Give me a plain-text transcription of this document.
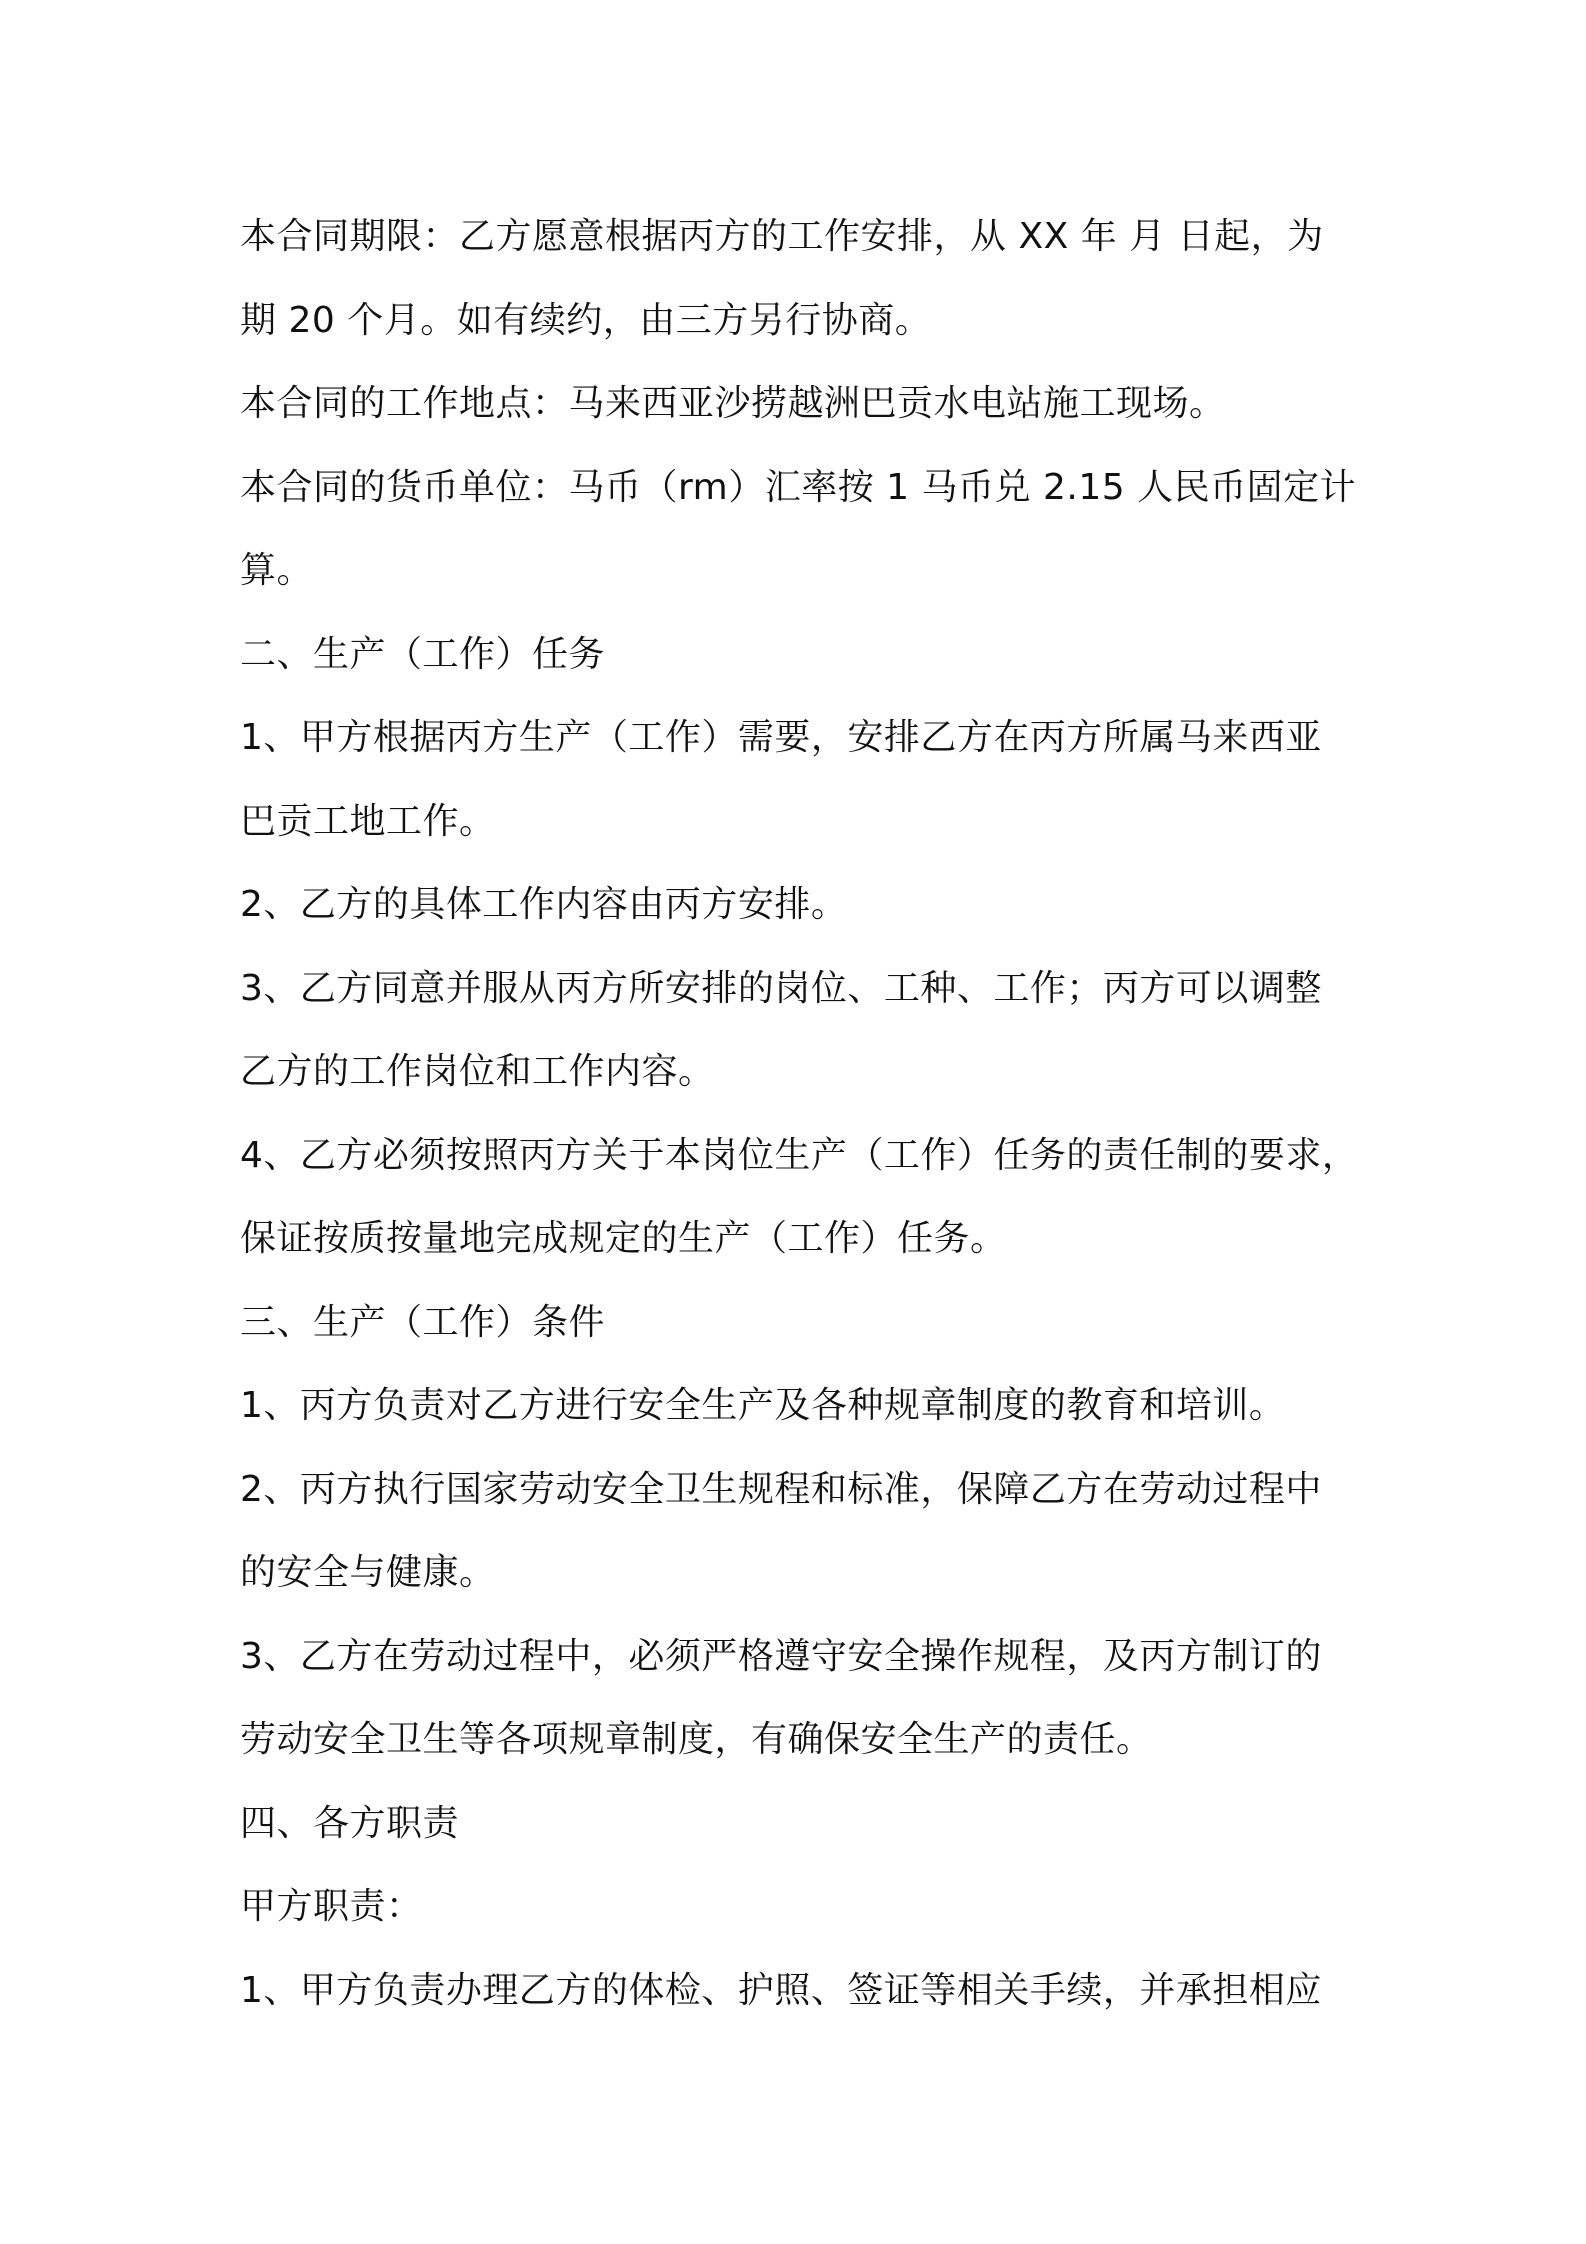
本合同期限：乙方愿意根据丙方的工作安排，从 XX 年 月 日起，为
期 20 个月。如有续约，由三方另行协商。
本合同的工作地点：马来西亚沙捞越洲巴贡水电站施工现场。
本合同的货币单位：马币（rm）汇率按 1 马币兑 2.15 人民币固定计
算。
二、生产（工作）任务
1、甲方根据丙方生产（工作）需要，安排乙方在丙方所属马来西亚
巴贡工地工作。
2、乙方的具体工作内容由丙方安排。
3、乙方同意并服从丙方所安排的岗位、工种、工作；丙方可以调整
乙方的工作岗位和工作内容。
4、乙方必须按照丙方关于本岗位生产（工作）任务的责任制的要求，
保证按质按量地完成规定的生产（工作）任务。
三、生产（工作）条件
1、丙方负责对乙方进行安全生产及各种规章制度的教育和培训。
2、丙方执行国家劳动安全卫生规程和标准，保障乙方在劳动过程中
的安全与健康。
3、乙方在劳动过程中，必须严格遵守安全操作规程，及丙方制订的
劳动安全卫生等各项规章制度，有确保安全生产的责任。
四、各方职责
甲方职责：
1、甲方负责办理乙方的体检、护照、签证等相关手续，并承担相应
